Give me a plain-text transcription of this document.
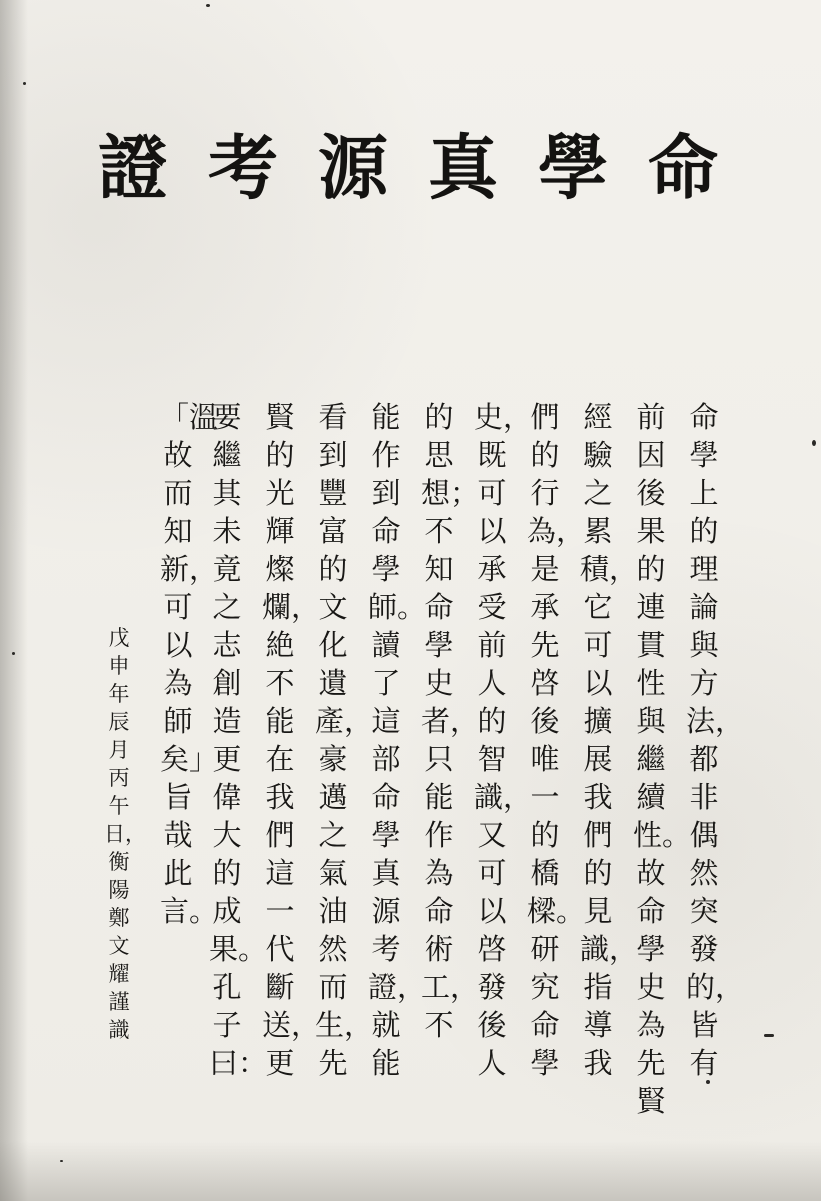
命
學
真
源
考
證
命學上的理論與方法，都非偶然突發的，皆有
前因後果的連貫性與繼續性。故命學史為先賢
經驗之累積，它可以擴展我們的見識，指導我
們的行為，是承先啓後唯一的橋樑。研究命學
史，既可以承受前人的智識，又可以啓發後人
的思想；不知命學史者，只能作為命術工，不
能作到命學師。讀了這部命學真源考證，就能
看到豐富的文化遺產，豪邁之氣油然而生，先
賢的光輝燦爛，絶不能在我們這一代斷送，更
要繼其未竟之志創造更偉大的成果。孔子曰：
「溫故而知新，可以為師矣」旨哉此言。
戊申年辰月丙午日，衡陽鄭文耀謹識
